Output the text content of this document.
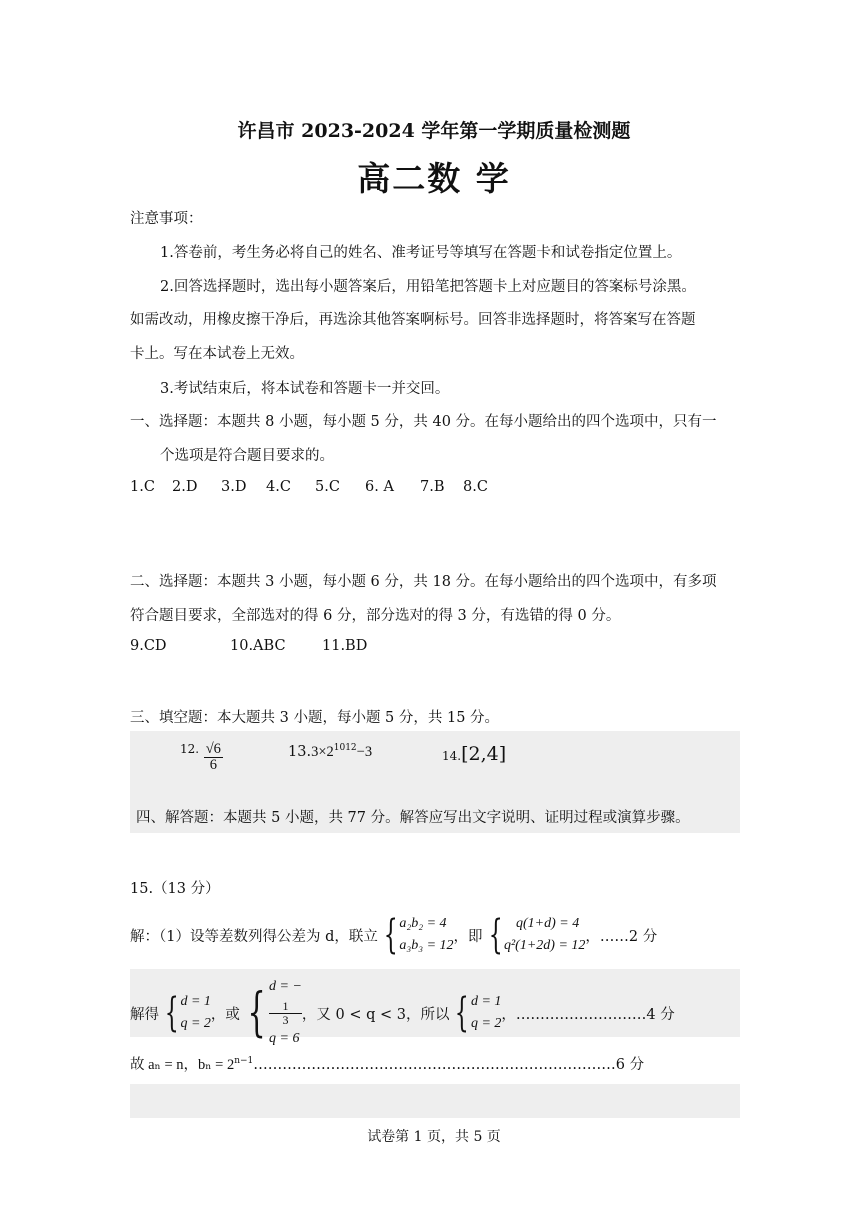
许昌市 2023-2024 学年第一学期质量检测题
高二数 学
注意事项：
1.答卷前，考生务必将自己的姓名、准考证号等填写在答题卡和试卷指定位置上。
2.回答选择题时，选出每小题答案后，用铅笔把答题卡上对应题目的答案标号涂黑。
如需改动，用橡皮擦干净后，再选涂其他答案啊标号。回答非选择题时，将答案写在答题
卡上。写在本试卷上无效。
3.考试结束后，将本试卷和答题卡一并交回。
一、选择题：本题共 8 小题，每小题 5 分，共 40 分。在每小题给出的四个选项中，只有一
个选项是符合题目要求的。
1.C 2.D 3.D 4.C 5.C 6. A 7.B 8.C
二、选择题：本题共 3 小题，每小题 6 分，共 18 分。在每小题给出的四个选项中，有多项
符合题目要求，全部选对的得 6 分，部分选对的得 3 分，有选错的得 0 分。
9.CD	10.ABC	11.BD
三、填空题：本大题共 3 小题，每小题 5 分，共 15 分。
$^{12.} \frac{√6}{6}$	$13.3\times 2^{1012}-3$	14.[2,4]
四、解答题：本题共 5 小题，共 77 分。解答应写出文字说明、证明过程或演算步骤。
15.（13 分）
解：（1）设等差数列得公差为 d，联立 { a₂b₂ = 4
a₃b₃ = 12
，即 { q(1+d) = 4
q²(1+2d) = 12
，……2 分
解得 { d = 1
q = 2
，或 { d = −
1
3
q = 6
，又 0 < q < 3，所以 { d = 1
q = 2
，………………………4 分
故 aₙ = n，$b_n = 2^{n-1}\dots\dots\dots\dots\dots\dots\dots\dots\dots\dots\dots\dots\dots\dots\dots\dots\dots\dots\dots\dots\dots\dots\dots\dots\dots 6$ 分
试卷第 1 页，共 5 页
